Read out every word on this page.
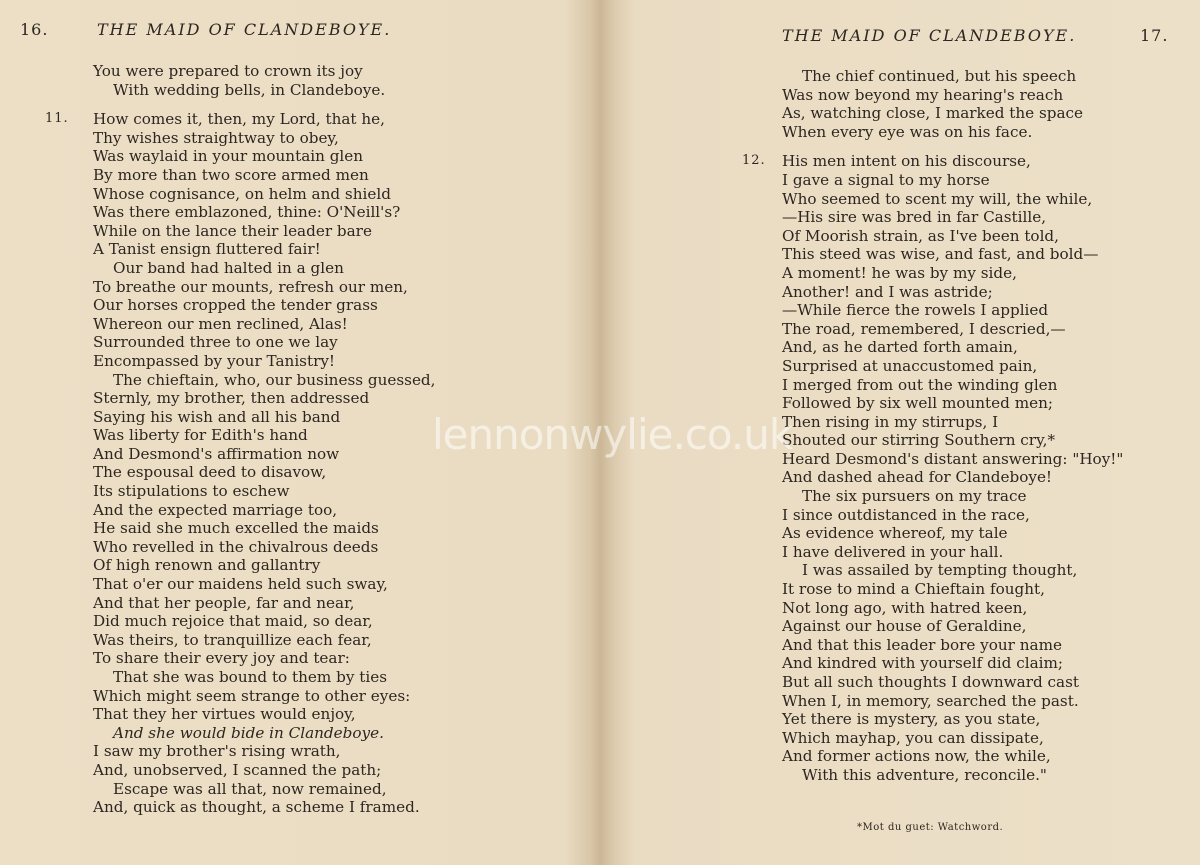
16.	THE MAID OF CLANDEBOYE.
You were prepared to crown its joy
With wedding bells, in Clandeboye.
11. How comes it, then, my Lord, that he,
Thy wishes straightway to obey,
Was waylaid in your mountain glen
By more than two score armed men
Whose cognisance, on helm and shield
Was there emblazoned, thine: O'Neill's?
While on the lance their leader bare
A Tanist ensign fluttered fair!
Our band had halted in a glen
To breathe our mounts, refresh our men,
Our horses cropped the tender grass
Whereon our men reclined, Alas!
Surrounded three to one we lay
Encompassed by your Tanistry!
The chieftain, who, our business guessed,
Sternly, my brother, then addressed
Saying his wish and all his band
Was liberty for Edith's hand
And Desmond's affirmation now
The espousal deed to disavow,
Its stipulations to eschew
And the expected marriage too,
He said she much excelled the maids
Who revelled in the chivalrous deeds
Of high renown and gallantry
That o'er our maidens held such sway,
And that her people, far and near,
Did much rejoice that maid, so dear,
Was theirs, to tranquillize each fear,
To share their every joy and tear:
That she was bound to them by ties
Which might seem strange to other eyes:
That they her virtues would enjoy,
And she would bide in Clandeboye.
I saw my brother's rising wrath,
And, unobserved, I scanned the path;
Escape was all that, now remained,
And, quick as thought, a scheme I framed.
THE MAID OF CLANDEBOYE.	17.
The chief continued, but his speech
Was now beyond my hearing's reach
As, watching close, I marked the space
When every eye was on his face.
12. His men intent on his discourse,
I gave a signal to my horse
Who seemed to scent my will, the while,
—His sire was bred in far Castille,
Of Moorish strain, as I've been told,
This steed was wise, and fast, and bold—
A moment! he was by my side,
Another! and I was astride;
—While fierce the rowels I applied
The road, remembered, I descried,—
And, as he darted forth amain,
Surprised at unaccustomed pain,
I merged from out the winding glen
Followed by six well mounted men;
Then rising in my stirrups, I
Shouted our stirring Southern cry,*
Heard Desmond's distant answering: "Hoy!"
And dashed ahead for Clandeboye!
The six pursuers on my trace
I since outdistanced in the race,
As evidence whereof, my tale
I have delivered in your hall.
I was assailed by tempting thought,
It rose to mind a Chieftain fought,
Not long ago, with hatred keen,
Against our house of Geraldine,
And that this leader bore your name
And kindred with yourself did claim;
But all such thoughts I downward cast
When I, in memory, searched the past.
Yet there is mystery, as you state,
Which mayhap, you can dissipate,
And former actions now, the while,
With this adventure, reconcile."
*Mot du guet: Watchword.
lennonwylie.co.uk
